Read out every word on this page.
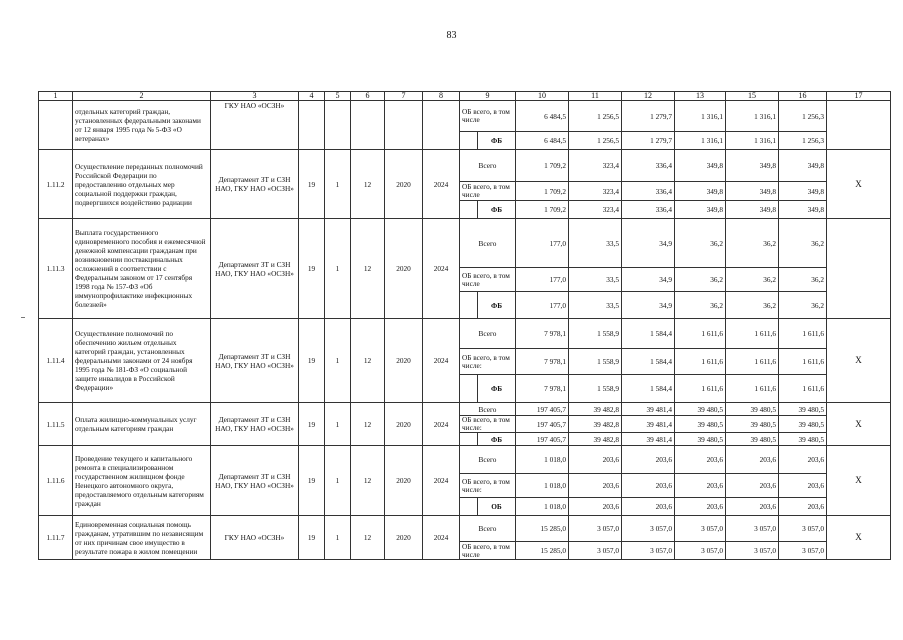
83
1	2	3	4	5	6	7	8	9		10	11	12	13	15	16	17
	отдельных категорий граждан, установленных федеральными законами от 12 января 1995 года № 5-ФЗ «О ветеранах»	ГКУ НАО «ОСЗН»						ОБ всего, в том числе		6 484,5	1 256,5	1 279,7	1 316,1	1 316,1	1 256,3	
									ФБ	6 484,5	1 256,5	1 279,7	1 316,1	1 316,1	1 256,3	
1.11.2	Осуществление переданных полномочий Российской Федерации по предоставлению отдельных мер социальной поддержки граждан, подвергшихся воздействию радиации	Департамент ЗТ и СЗН НАО, ГКУ НАО «ОСЗН»	19	1	12	2020	2024	Всего		1 709,2	323,4	336,4	349,8	349,8	349,8	X
								ОБ всего, в том числе		1 709,2	323,4	336,4	349,8	349,8	349,8	
									ФБ	1 709,2	323,4	336,4	349,8	349,8	349,8	
1.11.3	Выплата государственного единовременного пособия и ежемесячной денежной компенсации гражданам при возникновении поствакцинальных осложнений в соответствии с Федеральным законом от 17 сентября 1998 года № 157-ФЗ «Об иммунопрофилактике инфекционных болезней»	Департамент ЗТ и СЗН НАО, ГКУ НАО «ОСЗН»	19	1	12	2020	2024	Всего		177,0	33,5	34,9	36,2	36,2	36,2	
								ОБ всего, в том числе		177,0	33,5	34,9	36,2	36,2	36,2	
									ФБ	177,0	33,5	34,9	36,2	36,2	36,2	
1.11.4	Осуществление полномочий по обеспечению жильем отдельных категорий граждан, установленных федеральными законами от 24 ноября 1995 года № 181-ФЗ «О социальной защите инвалидов в Российской Федерации»	Департамент ЗТ и СЗН НАО, ГКУ НАО «ОСЗН»	19	1	12	2020	2024	Всего		7 978,1	1 558,9	1 584,4	1 611,6	1 611,6	1 611,6	X
								ОБ всего, в том числе:		7 978,1	1 558,9	1 584,4	1 611,6	1 611,6	1 611,6	
									ФБ	7 978,1	1 558,9	1 584,4	1 611,6	1 611,6	1 611,6	
1.11.5	Оплата жилищно-коммунальных услуг отдельным категориям граждан	Департамент ЗТ и СЗН НАО, ГКУ НАО «ОСЗН»	19	1	12	2020	2024	Всего		197 405,7	39 482,8	39 481,4	39 480,5	39 480,5	39 480,5	X
								ОБ всего, в том числе:		197 405,7	39 482,8	39 481,4	39 480,5	39 480,5	39 480,5	
									ФБ	197 405,7	39 482,8	39 481,4	39 480,5	39 480,5	39 480,5	
1.11.6	Проведение текущего и капитального ремонта в специализированном государственном жилищном фонде Ненецкого автономного округа, предоставляемого отдельным категориям граждан	Департамент ЗТ и СЗН НАО, ГКУ НАО «ОСЗН»	19	1	12	2020	2024	Всего		1 018,0	203,6	203,6	203,6	203,6	203,6	X
								ОБ всего, в том числе:		1 018,0	203,6	203,6	203,6	203,6	203,6	
									ОБ	1 018,0	203,6	203,6	203,6	203,6	203,6	
1.11.7	Единовременная социальная помощь гражданам, утратившим по независящим от них причинам свое имущество в результате пожара в жилом помещении	ГКУ НАО «ОСЗН»	19	1	12	2020	2024	Всего		15 285,0	3 057,0	3 057,0	3 057,0	3 057,0	3 057,0	X
								ОБ всего, в том числе		15 285,0	3 057,0	3 057,0	3 057,0	3 057,0	3 057,0	
